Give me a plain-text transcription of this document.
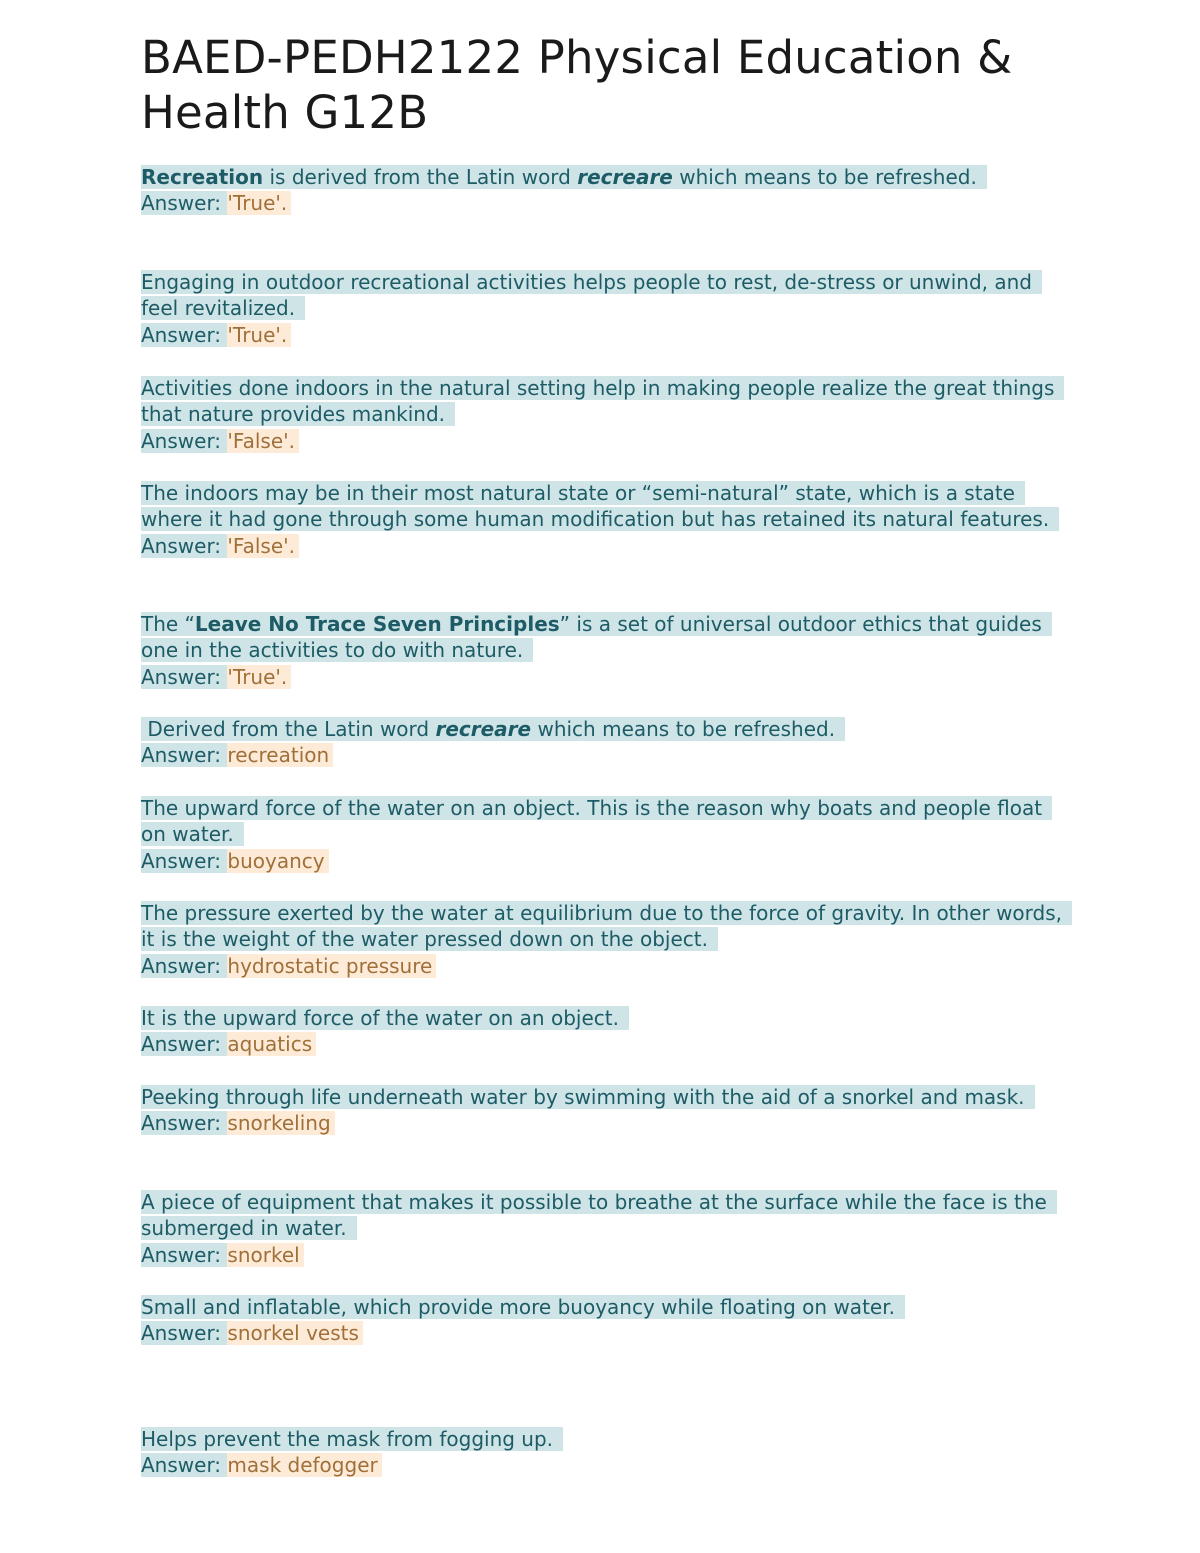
BAED-PEDH2122 Physical Education & Health G12B
Recreation is derived from the Latin word recreare which means to be refreshed.
Answer: 'True'.
Engaging in outdoor recreational activities helps people to rest, de-stress or unwind, and feel revitalized.
Answer: 'True'.
Activities done indoors in the natural setting help in making people realize the great things that nature provides mankind.
Answer: 'False'.
The indoors may be in their most natural state or “semi-natural” state, which is a state where it had gone through some human modification but has retained its natural features.
Answer: 'False'.
The “Leave No Trace Seven Principles” is a set of universal outdoor ethics that guides one in the activities to do with nature.
Answer: 'True'.
Derived from the Latin word recreare which means to be refreshed.
Answer: recreation
The upward force of the water on an object. This is the reason why boats and people float on water.
Answer: buoyancy
The pressure exerted by the water at equilibrium due to the force of gravity. In other words, it is the weight of the water pressed down on the object.
Answer: hydrostatic pressure
It is the upward force of the water on an object.
Answer: aquatics
Peeking through life underneath water by swimming with the aid of a snorkel and mask.
Answer: snorkeling
A piece of equipment that makes it possible to breathe at the surface while the face is the submerged in water.
Answer: snorkel
Small and inflatable, which provide more buoyancy while floating on water.
Answer: snorkel vests
Helps prevent the mask from fogging up.
Answer: mask defogger
